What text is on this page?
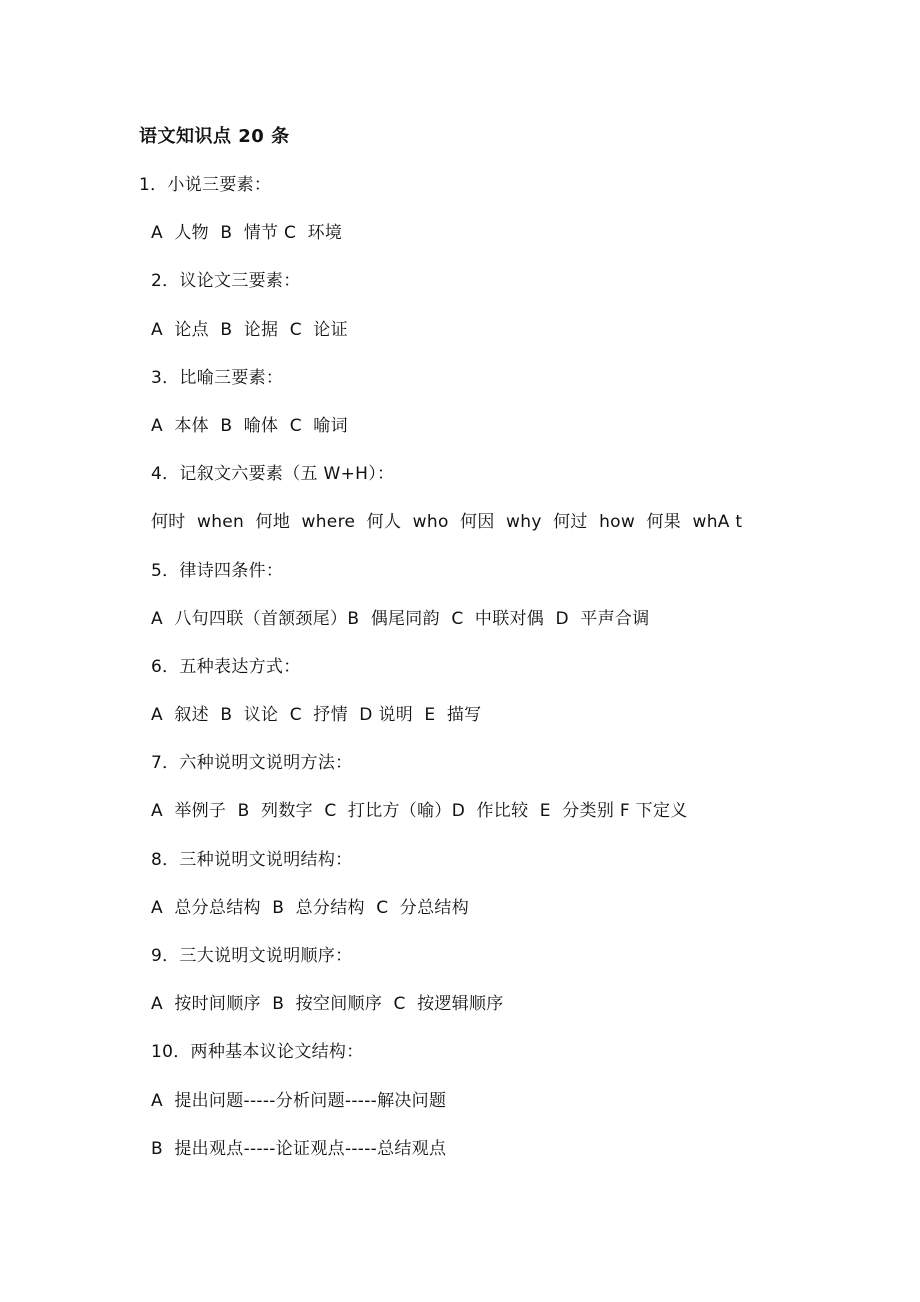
语文知识点 20 条
1．小说三要素：
A  人物  B  情节 C  环境
2．议论文三要素：
A  论点  B  论据  C  论证
3．比喻三要素：
A  本体  B  喻体  C  喻词
4．记叙文六要素（五 W+H）：
何时  when  何地  where  何人  who  何因  why  何过  how  何果  whA t
5．律诗四条件：
A  八句四联（首颔颈尾）B  偶尾同韵  C  中联对偶  D  平声合调
6．五种表达方式：
A  叙述  B  议论  C  抒情  D 说明  E  描写
7．六种说明文说明方法：
A  举例子  B  列数字  C  打比方（喻）D  作比较  E  分类别 F 下定义
8．三种说明文说明结构：
A  总分总结构  B  总分结构  C  分总结构
9．三大说明文说明顺序：
A  按时间顺序  B  按空间顺序  C  按逻辑顺序
10．两种基本议论文结构：
A  提出问题-----分析问题-----解决问题
B  提出观点-----论证观点-----总结观点
